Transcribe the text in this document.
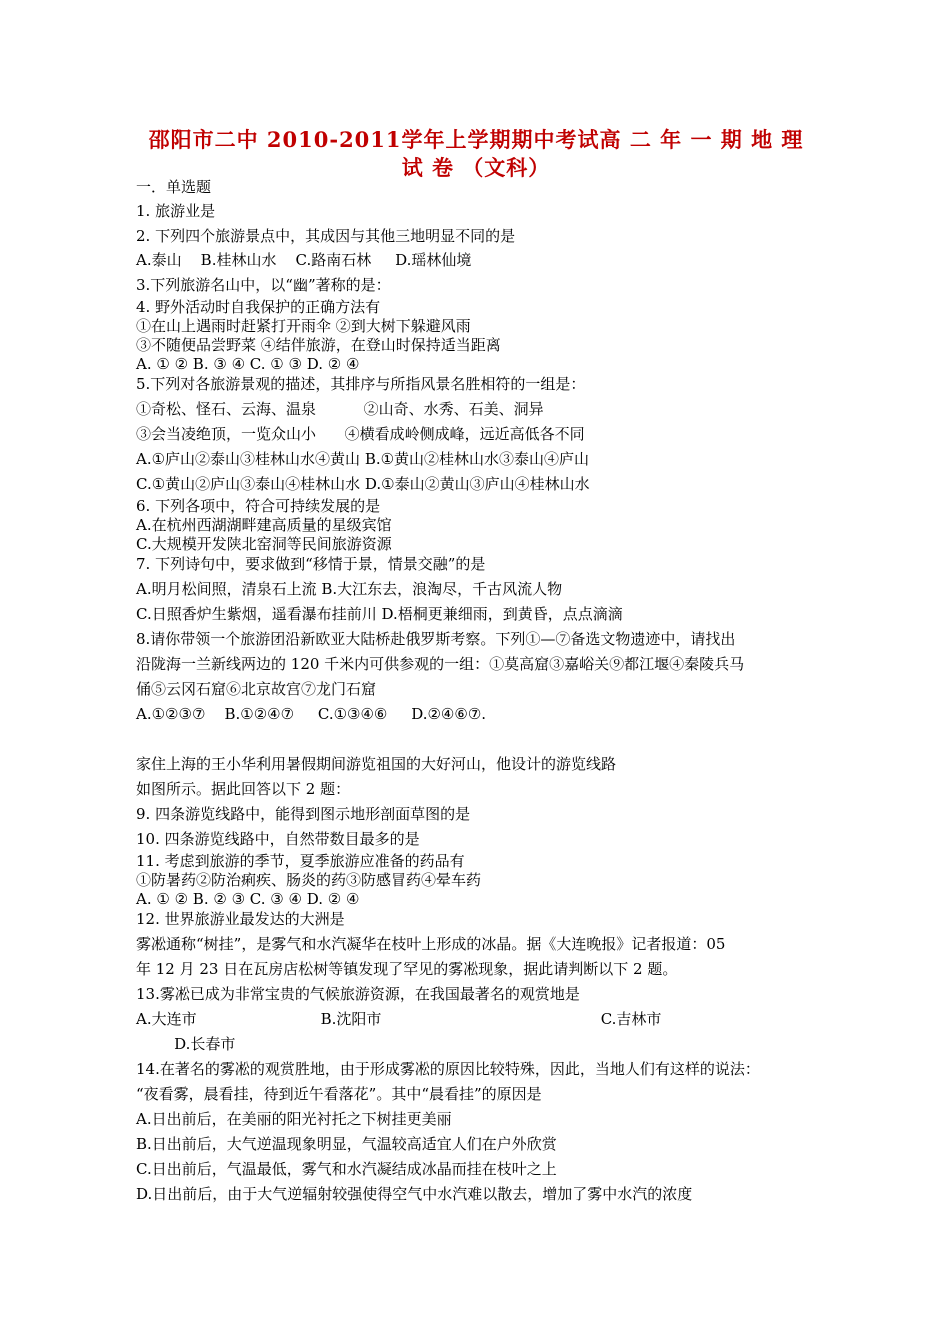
邵阳市二中 2010-2011学年上学期期中考试高 二 年 一 期 地 理
试 卷 （文科）
一．单选题
1. 旅游业是
2. 下列四个旅游景点中，其成因与其他三地明显不同的是
A.泰山    B.桂林山水    C.路南石林     D.瑶林仙境
3.下列旅游名山中，以“幽”著称的是：
4. 野外活动时自我保护的正确方法有
①在山上遇雨时赶紧打开雨伞 ②到大树下躲避风雨
③不随便品尝野菜 ④结伴旅游，在登山时保持适当距离
A. ① ② B. ③ ④ C. ① ③ D. ② ④
5.下列对各旅游景观的描述，其排序与所指风景名胜相符的一组是：
①奇松、怪石、云海、温泉          ②山奇、水秀、石美、洞异
③会当凌绝顶，一览众山小      ④横看成岭侧成峰，远近高低各不同
A.①庐山②泰山③桂林山水④黄山 B.①黄山②桂林山水③泰山④庐山
C.①黄山②庐山③泰山④桂林山水 D.①泰山②黄山③庐山④桂林山水
6. 下列各项中，符合可持续发展的是
A.在杭州西湖湖畔建高质量的星级宾馆
C.大规模开发陕北窑洞等民间旅游资源
7. 下列诗句中，要求做到“移情于景，情景交融”的是
A.明月松间照，清泉石上流 B.大江东去，浪淘尽，千古风流人物
C.日照香炉生紫烟，遥看瀑布挂前川 D.梧桐更兼细雨，到黄昏，点点滴滴
8.请你带领一个旅游团沿新欧亚大陆桥赴俄罗斯考察。下列①—⑦备选文物遗迹中，请找出
沿陇海一兰新线两边的 120 千米内可供参观的一组：①莫高窟③嘉峪关⑨都江堰④秦陵兵马
俑⑤云冈石窟⑥北京故宫⑦龙门石窟
A.①②③⑦    B.①②④⑦     C.①③④⑥     D.②④⑥⑦.
家住上海的王小华利用暑假期间游览祖国的大好河山，他设计的游览线路
如图所示。据此回答以下 2 题：
9. 四条游览线路中，能得到图示地形剖面草图的是
10. 四条游览线路中，自然带数目最多的是
11. 考虑到旅游的季节，夏季旅游应准备的药品有
①防暑药②防治痢疾、肠炎的药③防感冒药④晕车药
A. ① ② B. ② ③ C. ③ ④ D. ② ④
12. 世界旅游业最发达的大洲是
雾凇通称“树挂”，是雾气和水汽凝华在枝叶上形成的冰晶。据《大连晚报》记者报道：05
年 12 月 23 日在瓦房店松树等镇发现了罕见的雾凇现象，据此请判断以下 2 题。
13.雾凇已成为非常宝贵的气候旅游资源，在我国最著名的观赏地是
A.大连市                          B.沈阳市                                              C.吉林市
D.长春市
14.在著名的雾凇的观赏胜地，由于形成雾凇的原因比较特殊，因此，当地人们有这样的说法：
“夜看雾，晨看挂，待到近午看落花”。其中“晨看挂”的原因是
A.日出前后，在美丽的阳光衬托之下树挂更美丽
B.日出前后，大气逆温现象明显，气温较高适宜人们在户外欣赏
C.日出前后，气温最低，雾气和水汽凝结成冰晶而挂在枝叶之上
D.日出前后，由于大气逆辐射较强使得空气中水汽难以散去，增加了雾中水汽的浓度
